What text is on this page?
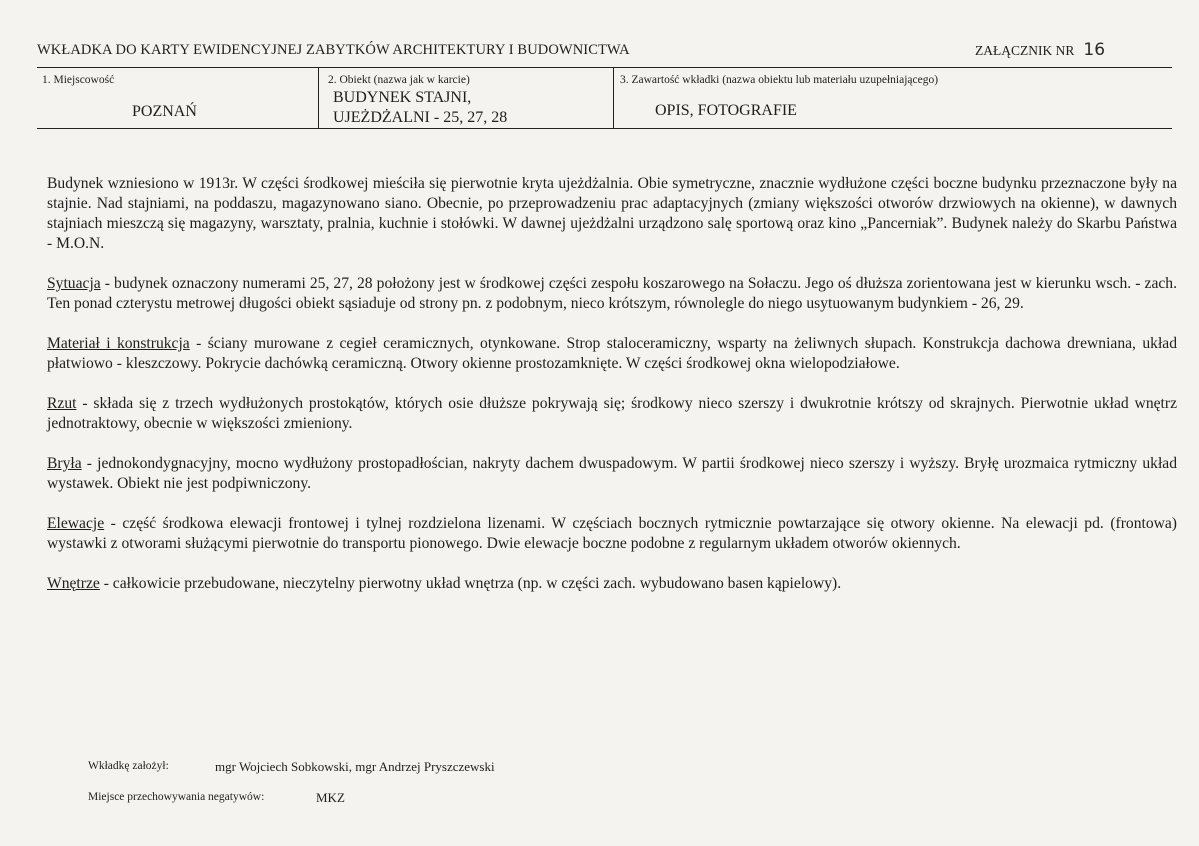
WKŁADKA DO KARTY EWIDENCYJNEJ ZABYTKÓW ARCHITEKTURY I BUDOWNICTWA	ZAŁĄCZNIK NR 16
1. Miejscowość
POZNAŃ
2. Obiekt (nazwa jak w karcie)
BUDYNEK STAJNI,
UJEŻDŻALNI - 25, 27, 28
3. Zawartość wkładki (nazwa obiektu lub materiału uzupełniającego)
OPIS, FOTOGRAFIE

Budynek wzniesiono w 1913r. W części środkowej mieściła się pierwotnie kryta ujeżdżalnia. Obie symetryczne, znacznie wydłużone części boczne budynku przeznaczone były na stajnie. Nad stajniami, na poddaszu, magazynowano siano. Obecnie, po przeprowadzeniu prac adaptacyjnych (zmiany większości otworów drzwiowych na okienne), w dawnych stajniach mieszczą się magazyny, warsztaty, pralnia, kuchnie i stołówki. W dawnej ujeżdżalni urządzono salę sportową oraz kino „Pancerniak”. Budynek należy do Skarbu Państwa - M.O.N.

Sytuacja - budynek oznaczony numerami 25, 27, 28 położony jest w środkowej części zespołu koszarowego na Sołaczu. Jego oś dłuższa zorientowana jest w kierunku wsch. - zach. Ten ponad czterystu metrowej długości obiekt sąsiaduje od strony pn. z podobnym, nieco krótszym, równolegle do niego usytuowanym budynkiem - 26, 29.

Materiał i konstrukcja - ściany murowane z cegieł ceramicznych, otynkowane. Strop staloceramiczny, wsparty na żeliwnych słupach. Konstrukcja dachowa drewniana, układ płatwiowo - kleszczowy. Pokrycie dachówką ceramiczną. Otwory okienne prostozamknięte. W części środkowej okna wielopodziałowe.

Rzut - składa się z trzech wydłużonych prostokątów, których osie dłuższe pokrywają się; środkowy nieco szerszy i dwukrotnie krótszy od skrajnych. Pierwotnie układ wnętrz jednotraktowy, obecnie w większości zmieniony.

Bryła - jednokondygnacyjny, mocno wydłużony prostopadłościan, nakryty dachem dwuspadowym. W partii środkowej nieco szerszy i wyższy. Bryłę urozmaica rytmiczny układ wystawek. Obiekt nie jest podpiwniczony.

Elewacje - część środkowa elewacji frontowej i tylnej rozdzielona lizenami. W częściach bocznych rytmicznie powtarzające się otwory okienne. Na elewacji pd. (frontowa) wystawki z otworami służącymi pierwotnie do transportu pionowego. Dwie elewacje boczne podobne z regularnym układem otworów okiennych.

Wnętrze - całkowicie przebudowane, nieczytelny pierwotny układ wnętrza (np. w części zach. wybudowano basen kąpielowy).

Wkładkę założył:	mgr Wojciech Sobkowski, mgr Andrzej Pryszczewski
Miejsce przechowywania negatywów:	MKZ
